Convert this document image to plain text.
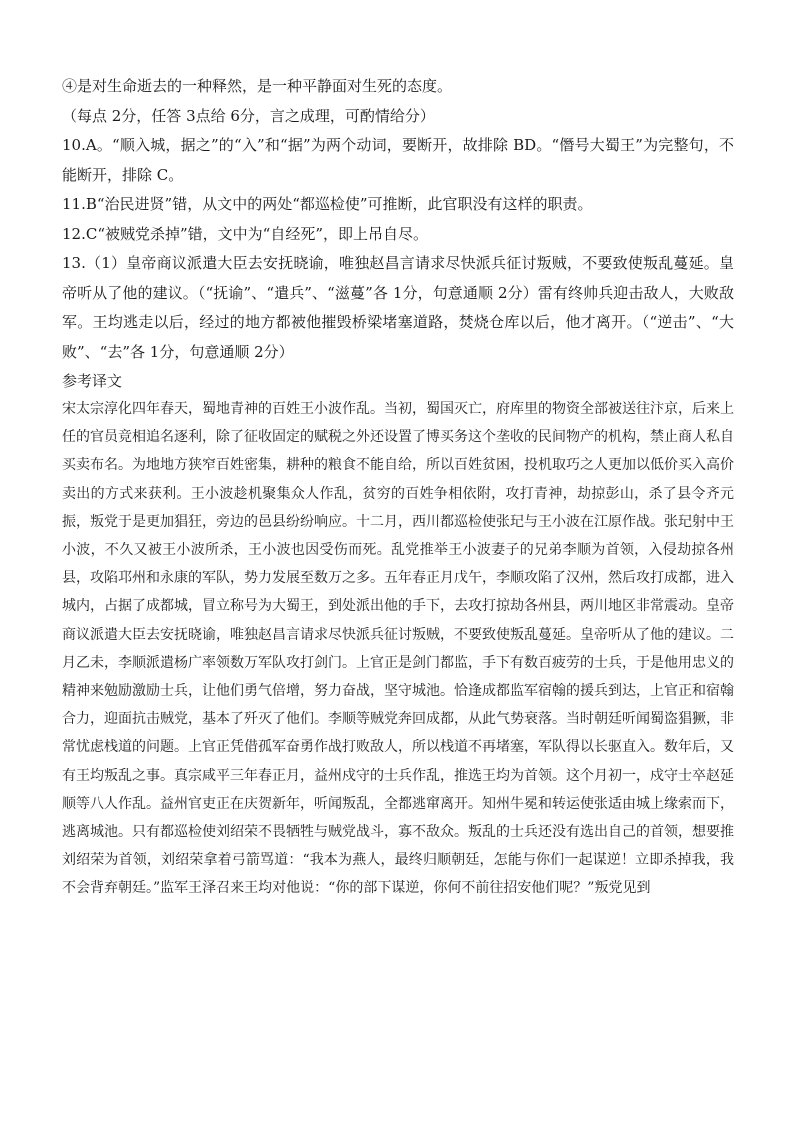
④是对生命逝去的一种释然，是一种平静面对生死的态度。

（每点 2分，任答 3点给 6分，言之成理，可酌情给分）

10.A。“顺入城，据之”的“入”和“据”为两个动词，要断开，故排除 BD。“僭号大蜀王”为完整句，不能断开，排除 C。

11.B“治民进贤”错，从文中的两处“都巡检使”可推断，此官职没有这样的职责。

12.C“被贼党杀掉”错，文中为“自经死”，即上吊自尽。

13.（1）皇帝商议派遣大臣去安抚晓谕，唯独赵昌言请求尽快派兵征讨叛贼，不要致使叛乱蔓延。皇帝听从了他的建议。（“抚谕”、“遣兵”、“滋蔓”各 1分，句意通顺 2分）雷有终帅兵迎击敌人，大败敌军。王均逃走以后，经过的地方都被他摧毁桥梁堵塞道路，焚烧仓库以后，他才离开。（“逆击”、“大败”、“去”各 1分，句意通顺 2分）

参考译文

宋太宗淳化四年春天，蜀地青神的百姓王小波作乱。当初，蜀国灭亡，府库里的物资全部被送往汴京，后来上任的官员竞相追名逐利，除了征收固定的赋税之外还设置了博买务这个垄收的民间物产的机构，禁止商人私自买卖布名。为地地方狭窄百姓密集，耕种的粮食不能自给，所以百姓贫困，投机取巧之人更加以低价买入高价卖出的方式来获利。王小波趁机聚集众人作乱，贫穷的百姓争相依附，攻打青神，劫掠彭山，杀了县令齐元振，叛党于是更加猖狂，旁边的邑县纷纷响应。十二月，西川都巡检使张玘与王小波在江原作战。张玘射中王小波，不久又被王小波所杀，王小波也因受伤而死。乱党推举王小波妻子的兄弟李顺为首领，入侵劫掠各州县，攻陷邛州和永康的军队，势力发展至数万之多。五年春正月戊午，李顺攻陷了汉州，然后攻打成都，进入城内，占据了成都城，冒立称号为大蜀王，到处派出他的手下，去攻打掠劫各州县，两川地区非常震动。皇帝商议派遣大臣去安抚晓谕，唯独赵昌言请求尽快派兵征讨叛贼，不要致使叛乱蔓延。皇帝听从了他的建议。二月乙未，李顺派遣杨广率领数万军队攻打剑门。上官正是剑门都监，手下有数百疲劳的士兵，于是他用忠义的精神来勉励激励士兵，让他们勇气倍增，努力奋战，坚守城池。恰逢成都监军宿翰的援兵到达，上官正和宿翰合力，迎面抗击贼党，基本了歼灭了他们。李顺等贼党奔回成都，从此气势衰落。当时朝廷听闻蜀盗猖獗，非常忧虑栈道的问题。上官正凭借孤军奋勇作战打败敌人，所以栈道不再堵塞，军队得以长驱直入。数年后，又有王均叛乱之事。真宗咸平三年春正月，益州戍守的士兵作乱，推选王均为首领。这个月初一，戍守士卒赵延顺等八人作乱。益州官吏正在庆贺新年，听闻叛乱，全都逃窜离开。知州牛冕和转运使张适由城上缘索而下，逃离城池。只有都巡检使刘绍荣不畏牺牲与贼党战斗，寡不敌众。叛乱的士兵还没有选出自己的首领，想要推刘绍荣为首领，刘绍荣拿着弓箭骂道：“我本为燕人，最终归顺朝廷，怎能与你们一起谋逆！立即杀掉我，我不会背弃朝廷。”监军王泽召来王均对他说：“你的部下谋逆，你何不前往招安他们呢？”叛党见到
